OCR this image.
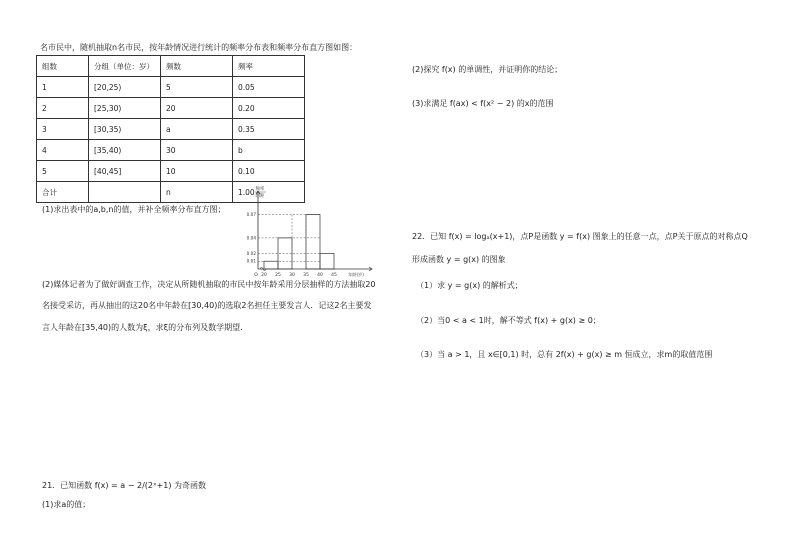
名市民中，随机抽取n名市民，按年龄情况进行统计的频率分布表和频率分布直方图如图：
组数	分组（单位：岁）	频数	频率
1	[20,25)	5	0.05
2	[25,30)	20	0.20
3	[30,35)	a	0.35
4	[35,40)	30	b
5	[40,45]	10	0.10
合计		n	1.00
(1)求出表中的a,b,n的值，并补全频率分布直方图；
频率
组距
0.07
0.04
0.02
0.01
O 20 25 30 35 40 45	年龄(岁)
(2)媒体记者为了做好调查工作，决定从所随机抽取的市民中按年龄采用分层抽样的方法抽取20
名接受采访，再从抽出的这20名中年龄在[30,40)的选取2名担任主要发言人．记这2名主要发
言人年龄在[35,40)的人数为ξ，求ξ的分布列及数学期望．
21．已知函数 f(x) = a − 2/(2ˣ+1) 为奇函数
(1)求a的值；
(2)探究 f(x) 的单调性，并证明你的结论；
(3)求满足 f(ax) < f(x² − 2) 的x的范围
22．已知 f(x) = logₐ(x+1)，点P是函数 y = f(x) 图象上的任意一点，点P关于原点的对称点Q
形成函数 y = g(x) 的图象
（1）求 y = g(x) 的解析式；
（2）当0 < a < 1时，解不等式 f(x) + g(x) ≥ 0；
（3）当 a > 1，且 x∈[0,1) 时，总有 2f(x) + g(x) ≥ m 恒成立，求m的取值范围
